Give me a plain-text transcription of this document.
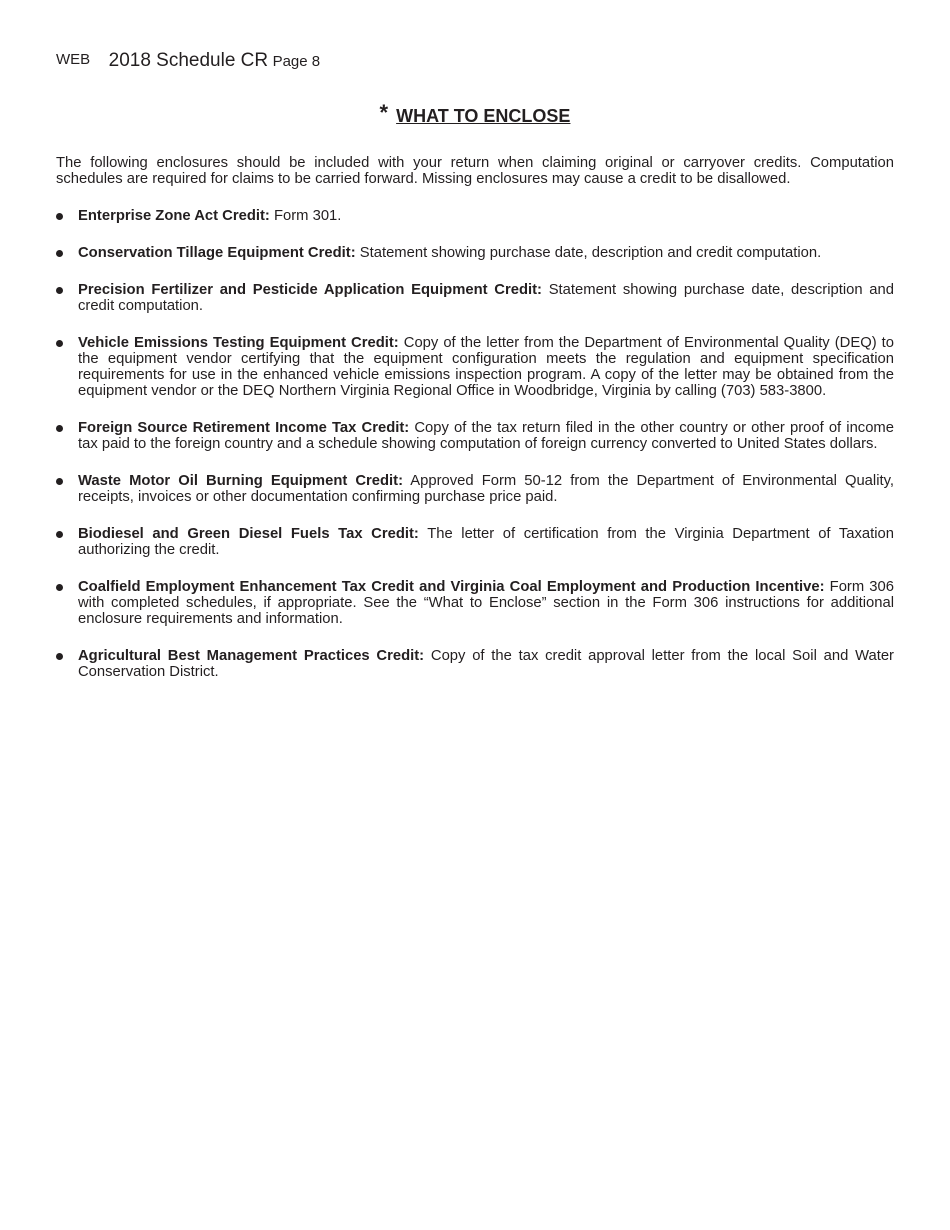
WEB 2018 Schedule CR Page 8
* WHAT TO ENCLOSE
The following enclosures should be included with your return when claiming original or carryover credits. Computation schedules are required for claims to be carried forward. Missing enclosures may cause a credit to be disallowed.
Enterprise Zone Act Credit: Form 301.
Conservation Tillage Equipment Credit: Statement showing purchase date, description and credit computation.
Precision Fertilizer and Pesticide Application Equipment Credit: Statement showing purchase date, description and credit computation.
Vehicle Emissions Testing Equipment Credit: Copy of the letter from the Department of Environmental Quality (DEQ) to the equipment vendor certifying that the equipment configuration meets the regulation and equipment specification requirements for use in the enhanced vehicle emissions inspection program. A copy of the letter may be obtained from the equipment vendor or the DEQ Northern Virginia Regional Office in Woodbridge, Virginia by calling (703) 583-3800.
Foreign Source Retirement Income Tax Credit: Copy of the tax return filed in the other country or other proof of income tax paid to the foreign country and a schedule showing computation of foreign currency converted to United States dollars.
Waste Motor Oil Burning Equipment Credit: Approved Form 50-12 from the Department of Environmental Quality, receipts, invoices or other documentation confirming purchase price paid.
Biodiesel and Green Diesel Fuels Tax Credit: The letter of certification from the Virginia Department of Taxation authorizing the credit.
Coalfield Employment Enhancement Tax Credit and Virginia Coal Employment and Production Incentive: Form 306 with completed schedules, if appropriate. See the “What to Enclose” section in the Form 306 instructions for additional enclosure requirements and information.
Agricultural Best Management Practices Credit: Copy of the tax credit approval letter from the local Soil and Water Conservation District.
